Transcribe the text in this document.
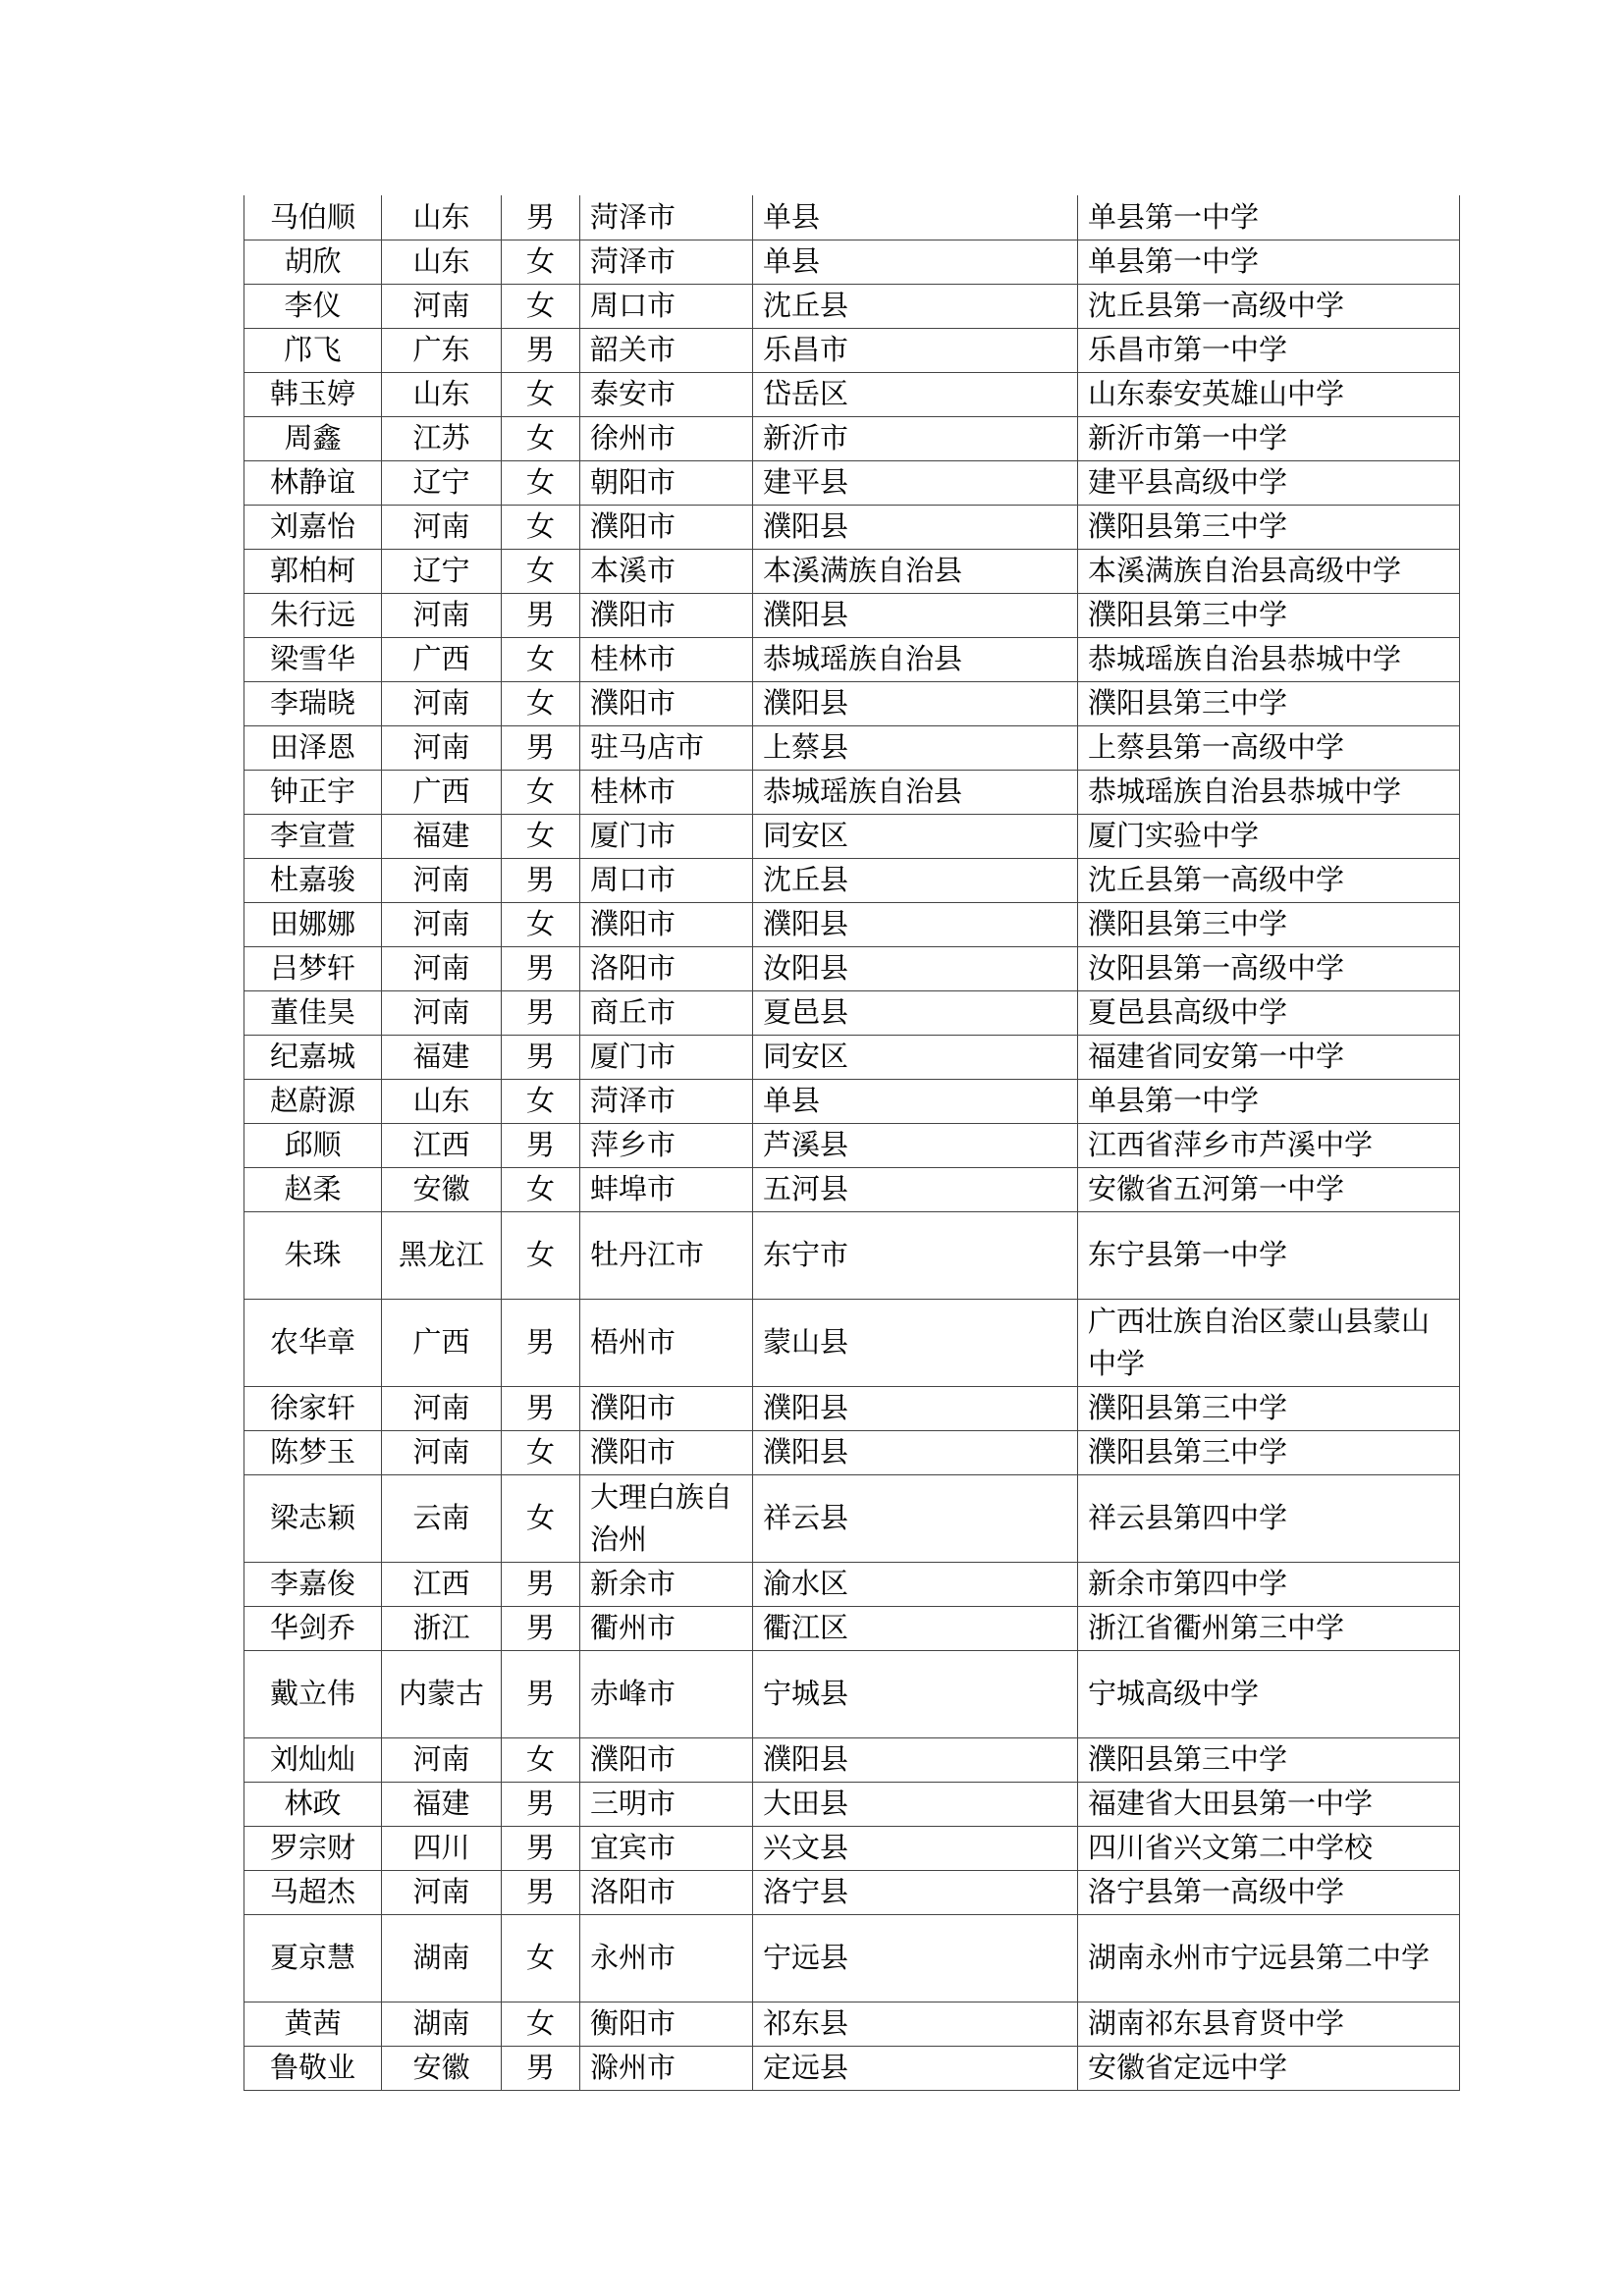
马伯顺	山东	男	菏泽市	单县	单县第一中学
胡欣	山东	女	菏泽市	单县	单县第一中学
李仪	河南	女	周口市	沈丘县	沈丘县第一高级中学
邝飞	广东	男	韶关市	乐昌市	乐昌市第一中学
韩玉婷	山东	女	泰安市	岱岳区	山东泰安英雄山中学
周鑫	江苏	女	徐州市	新沂市	新沂市第一中学
林静谊	辽宁	女	朝阳市	建平县	建平县高级中学
刘嘉怡	河南	女	濮阳市	濮阳县	濮阳县第三中学
郭柏柯	辽宁	女	本溪市	本溪满族自治县	本溪满族自治县高级中学
朱行远	河南	男	濮阳市	濮阳县	濮阳县第三中学
梁雪华	广西	女	桂林市	恭城瑶族自治县	恭城瑶族自治县恭城中学
李瑞晓	河南	女	濮阳市	濮阳县	濮阳县第三中学
田泽恩	河南	男	驻马店市	上蔡县	上蔡县第一高级中学
钟正宇	广西	女	桂林市	恭城瑶族自治县	恭城瑶族自治县恭城中学
李宣萱	福建	女	厦门市	同安区	厦门实验中学
杜嘉骏	河南	男	周口市	沈丘县	沈丘县第一高级中学
田娜娜	河南	女	濮阳市	濮阳县	濮阳县第三中学
吕梦轩	河南	男	洛阳市	汝阳县	汝阳县第一高级中学
董佳昊	河南	男	商丘市	夏邑县	夏邑县高级中学
纪嘉城	福建	男	厦门市	同安区	福建省同安第一中学
赵蔚源	山东	女	菏泽市	单县	单县第一中学
邱顺	江西	男	萍乡市	芦溪县	江西省萍乡市芦溪中学
赵柔	安徽	女	蚌埠市	五河县	安徽省五河第一中学
朱珠	黑龙江	女	牡丹江市	东宁市	东宁县第一中学
农华章	广西	男	梧州市	蒙山县	广西壮族自治区蒙山县蒙山中学
徐家轩	河南	男	濮阳市	濮阳县	濮阳县第三中学
陈梦玉	河南	女	濮阳市	濮阳县	濮阳县第三中学
梁志颖	云南	女	大理白族自治州	祥云县	祥云县第四中学
李嘉俊	江西	男	新余市	渝水区	新余市第四中学
华剑乔	浙江	男	衢州市	衢江区	浙江省衢州第三中学
戴立伟	内蒙古	男	赤峰市	宁城县	宁城高级中学
刘灿灿	河南	女	濮阳市	濮阳县	濮阳县第三中学
林政	福建	男	三明市	大田县	福建省大田县第一中学
罗宗财	四川	男	宜宾市	兴文县	四川省兴文第二中学校
马超杰	河南	男	洛阳市	洛宁县	洛宁县第一高级中学
夏京慧	湖南	女	永州市	宁远县	湖南永州市宁远县第二中学
黄茜	湖南	女	衡阳市	祁东县	湖南祁东县育贤中学
鲁敬业	安徽	男	滁州市	定远县	安徽省定远中学
